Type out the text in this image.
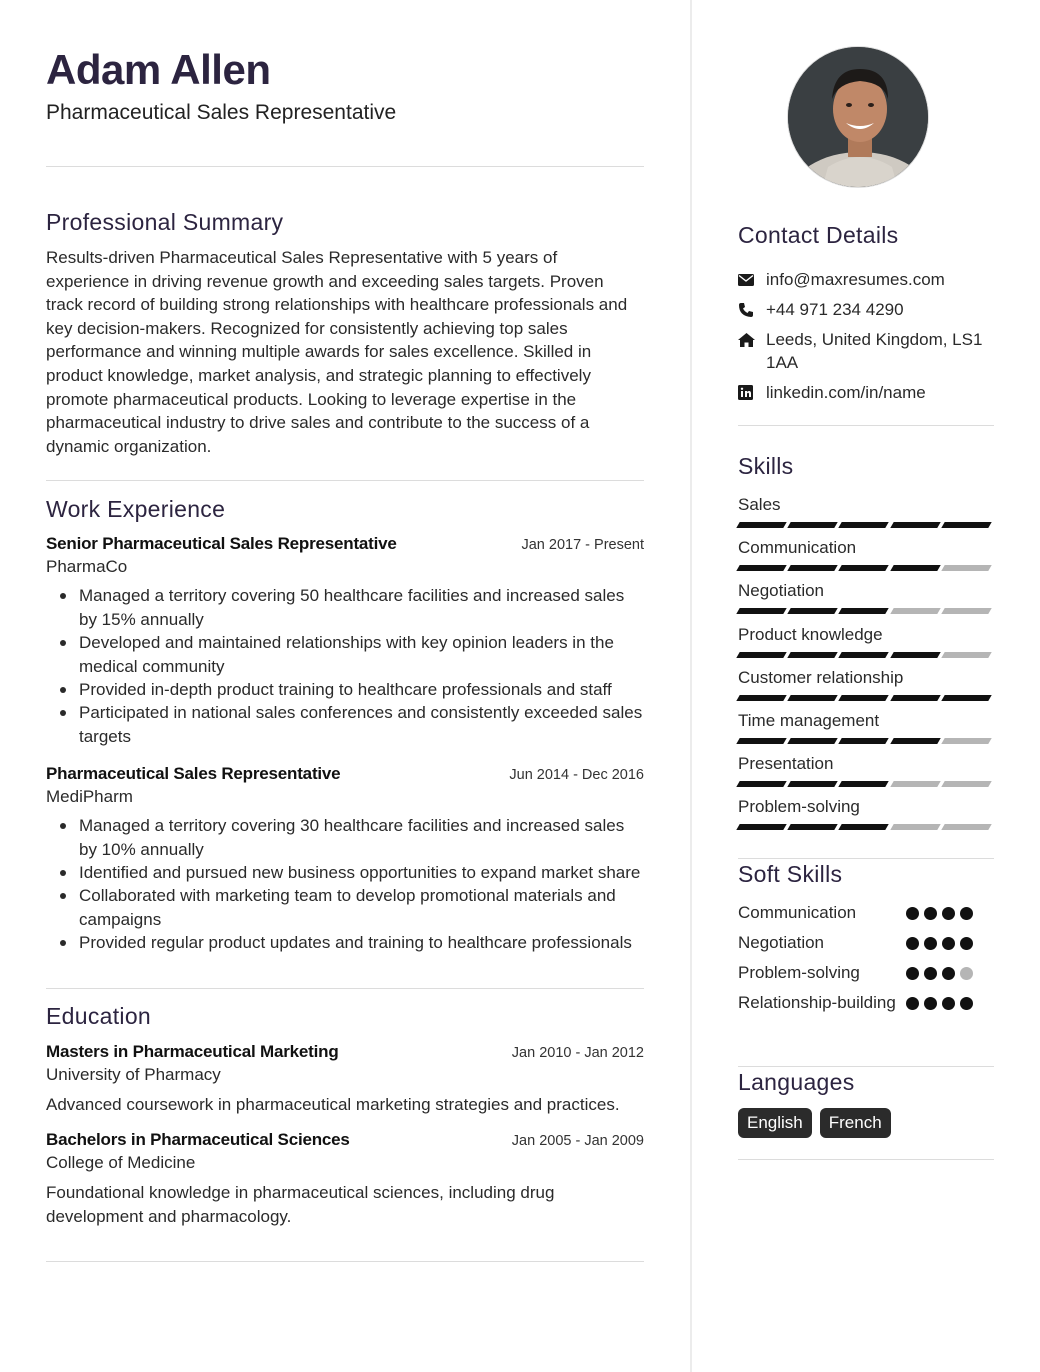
Adam Allen
Pharmaceutical Sales Representative
Professional Summary
Results-driven Pharmaceutical Sales Representative with 5 years of experience in driving revenue growth and exceeding sales targets. Proven track record of building strong relationships with healthcare professionals and key decision-makers. Recognized for consistently achieving top sales performance and winning multiple awards for sales excellence. Skilled in product knowledge, market analysis, and strategic planning to effectively promote pharmaceutical products. Looking to leverage expertise in the pharmaceutical industry to drive sales and contribute to the success of a dynamic organization.
Work Experience
Senior Pharmaceutical Sales Representative	Jan 2017 - Present
PharmaCo
Managed a territory covering 50 healthcare facilities and increased sales by 15% annually
Developed and maintained relationships with key opinion leaders in the medical community
Provided in-depth product training to healthcare professionals and staff
Participated in national sales conferences and consistently exceeded sales targets
Pharmaceutical Sales Representative	Jun 2014 - Dec 2016
MediPharm
Managed a territory covering 30 healthcare facilities and increased sales by 10% annually
Identified and pursued new business opportunities to expand market share
Collaborated with marketing team to develop promotional materials and campaigns
Provided regular product updates and training to healthcare professionals
Education
Masters in Pharmaceutical Marketing	Jan 2010 - Jan 2012
University of Pharmacy
Advanced coursework in pharmaceutical marketing strategies and practices.
Bachelors in Pharmaceutical Sciences	Jan 2005 - Jan 2009
College of Medicine
Foundational knowledge in pharmaceutical sciences, including drug development and pharmacology.
Contact Details
info@maxresumes.com
+44 971 234 4290
Leeds, United Kingdom, LS1 1AA
linkedin.com/in/name
Skills
Sales
Communication
Negotiation
Product knowledge
Customer relationship
Time management
Presentation
Problem-solving
Soft Skills
Communication
Negotiation
Problem-solving
Relationship-building
Languages
English	French
